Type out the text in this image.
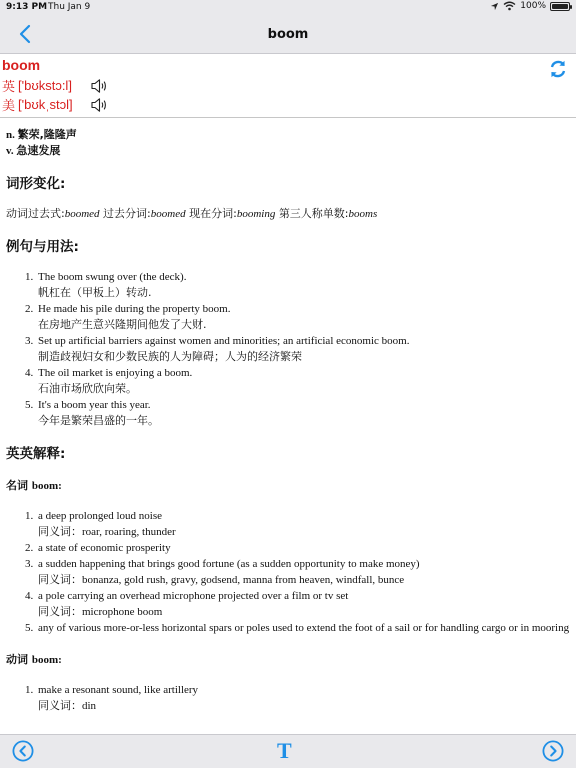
9:13 PM Thu Jan 9	100%
boom
boom
英 ['bʊkstɔ:l]
美 ['bʊkˌstɔl]
n. 繁荣,隆隆声
v. 急速发展
词形变化:
动词过去式:boomed 过去分词:boomed 现在分词:booming 第三人称单数:booms
例句与用法:
1. The boom swung over (the deck).
帆杠在（甲板上）转动.
2. He made his pile during the property boom.
在房地产生意兴隆期间他发了大财.
3. Set up artificial barriers against women and minorities; an artificial economic boom.
制造歧视妇女和少数民族的人为障碍；人为的经济繁荣
4. The oil market is enjoying a boom.
石油市场欣欣向荣。
5. It's a boom year this year.
今年是繁荣昌盛的一年。
英英解释:
名词 boom:
1. a deep prolonged loud noise
同义词：roar, roaring, thunder
2. a state of economic prosperity
3. a sudden happening that brings good fortune (as a sudden opportunity to make money)
同义词：bonanza, gold rush, gravy, godsend, manna from heaven, windfall, bunce
4. a pole carrying an overhead microphone projected over a film or tv set
同义词：microphone boom
5. any of various more-or-less horizontal spars or poles used to extend the foot of a sail or for handling cargo or in mooring
动词 boom:
1. make a resonant sound, like artillery
同义词：din
T
